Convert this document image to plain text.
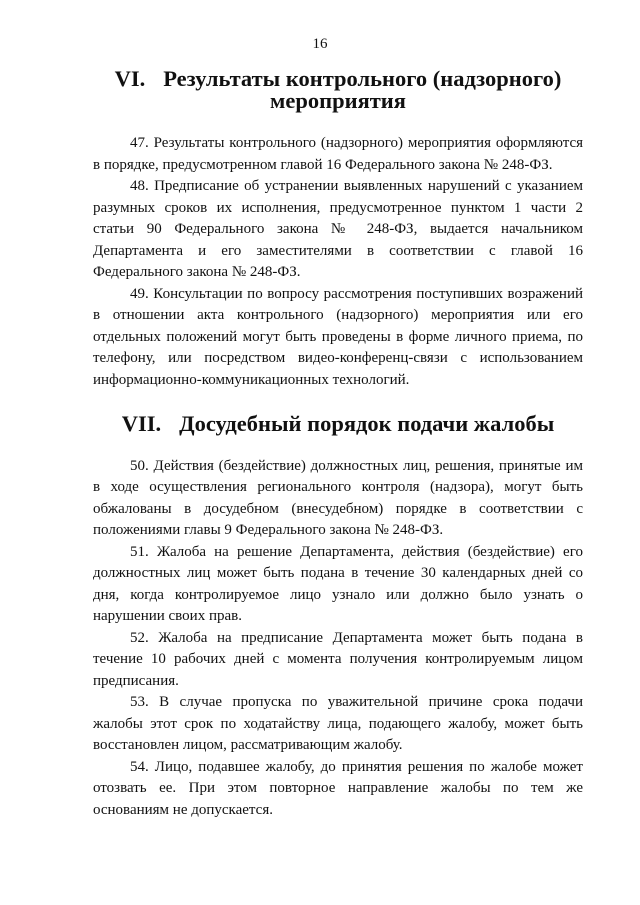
16
VI. Результаты контрольного (надзорного) мероприятия

47. Результаты контрольного (надзорного) мероприятия оформляются в порядке, предусмотренном главой 16 Федерального закона № 248-ФЗ.

48. Предписание об устранении выявленных нарушений с указанием разумных сроков их исполнения, предусмотренное пунктом 1 части 2 статьи 90 Федерального закона № 248-ФЗ, выдается начальником Департамента и его заместителями в соответствии с главой 16 Федерального закона № 248-ФЗ.

49. Консультации по вопросу рассмотрения поступивших возражений в отношении акта контрольного (надзорного) мероприятия или его отдельных положений могут быть проведены в форме личного приема, по телефону, или посредством видео-конференц-связи с использованием информационно-коммуникационных технологий.

VII. Досудебный порядок подачи жалобы

50. Действия (бездействие) должностных лиц, решения, принятые им в ходе осуществления регионального контроля (надзора), могут быть обжалованы в досудебном (внесудебном) порядке в соответствии с положениями главы 9 Федерального закона № 248-ФЗ.

51. Жалоба на решение Департамента, действия (бездействие) его должностных лиц может быть подана в течение 30 календарных дней со дня, когда контролируемое лицо узнало или должно было узнать о нарушении своих прав.

52. Жалоба на предписание Департамента может быть подана в течение 10 рабочих дней с момента получения контролируемым лицом предписания.

53. В случае пропуска по уважительной причине срока подачи жалобы этот срок по ходатайству лица, подающего жалобу, может быть восстановлен лицом, рассматривающим жалобу.

54. Лицо, подавшее жалобу, до принятия решения по жалобе может отозвать ее. При этом повторное направление жалобы по тем же основаниям не допускается.
